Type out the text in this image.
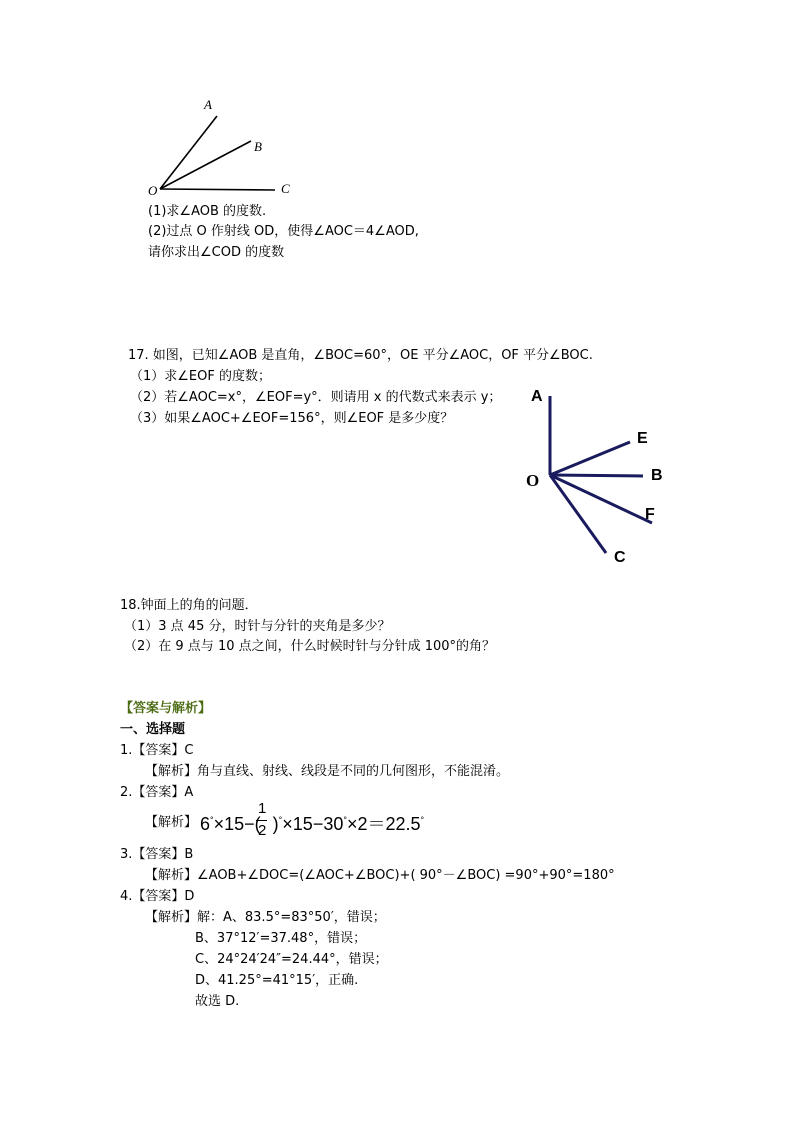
A
B
O	C
(1)求∠AOB 的度数.
(2)过点 O 作射线 OD，使得∠AOC＝4∠AOD,
请你求出∠COD 的度数
17. 如图，已知∠AOB 是直角，∠BOC=60°，OE 平分∠AOC，OF 平分∠BOC.
（1）求∠EOF 的度数；
（2）若∠AOC=x°，∠EOF=y°．则请用 x 的代数式来表示 y；
（3）如果∠AOC+∠EOF=156°，则∠EOF 是多少度？
A
E
O	B
F
C
18.钟面上的角的问题．
（1）3 点 45 分，时针与分针的夹角是多少？
（2）在 9 点与 10 点之间，什么时候时针与分针成 100°的角？
【答案与解析】
一、选择题
1.【答案】C
【解析】角与直线、射线、线段是不同的几何图形，不能混淆。
2.【答案】A
【解析】 6°×15−( )°×15−30°×2＝22.5°
1
2
3.【答案】B
【解析】∠AOB+∠DOC=(∠AOC+∠BOC)+( 90°－∠BOC) =90°+90°=180°
4.【答案】D
【解析】解：A、83.5°=83°50′，错误；
B、37°12′=37.48°，错误；
C、24°24′24″=24.44°，错误；
D、41.25°=41°15′，正确.
故选 D.
